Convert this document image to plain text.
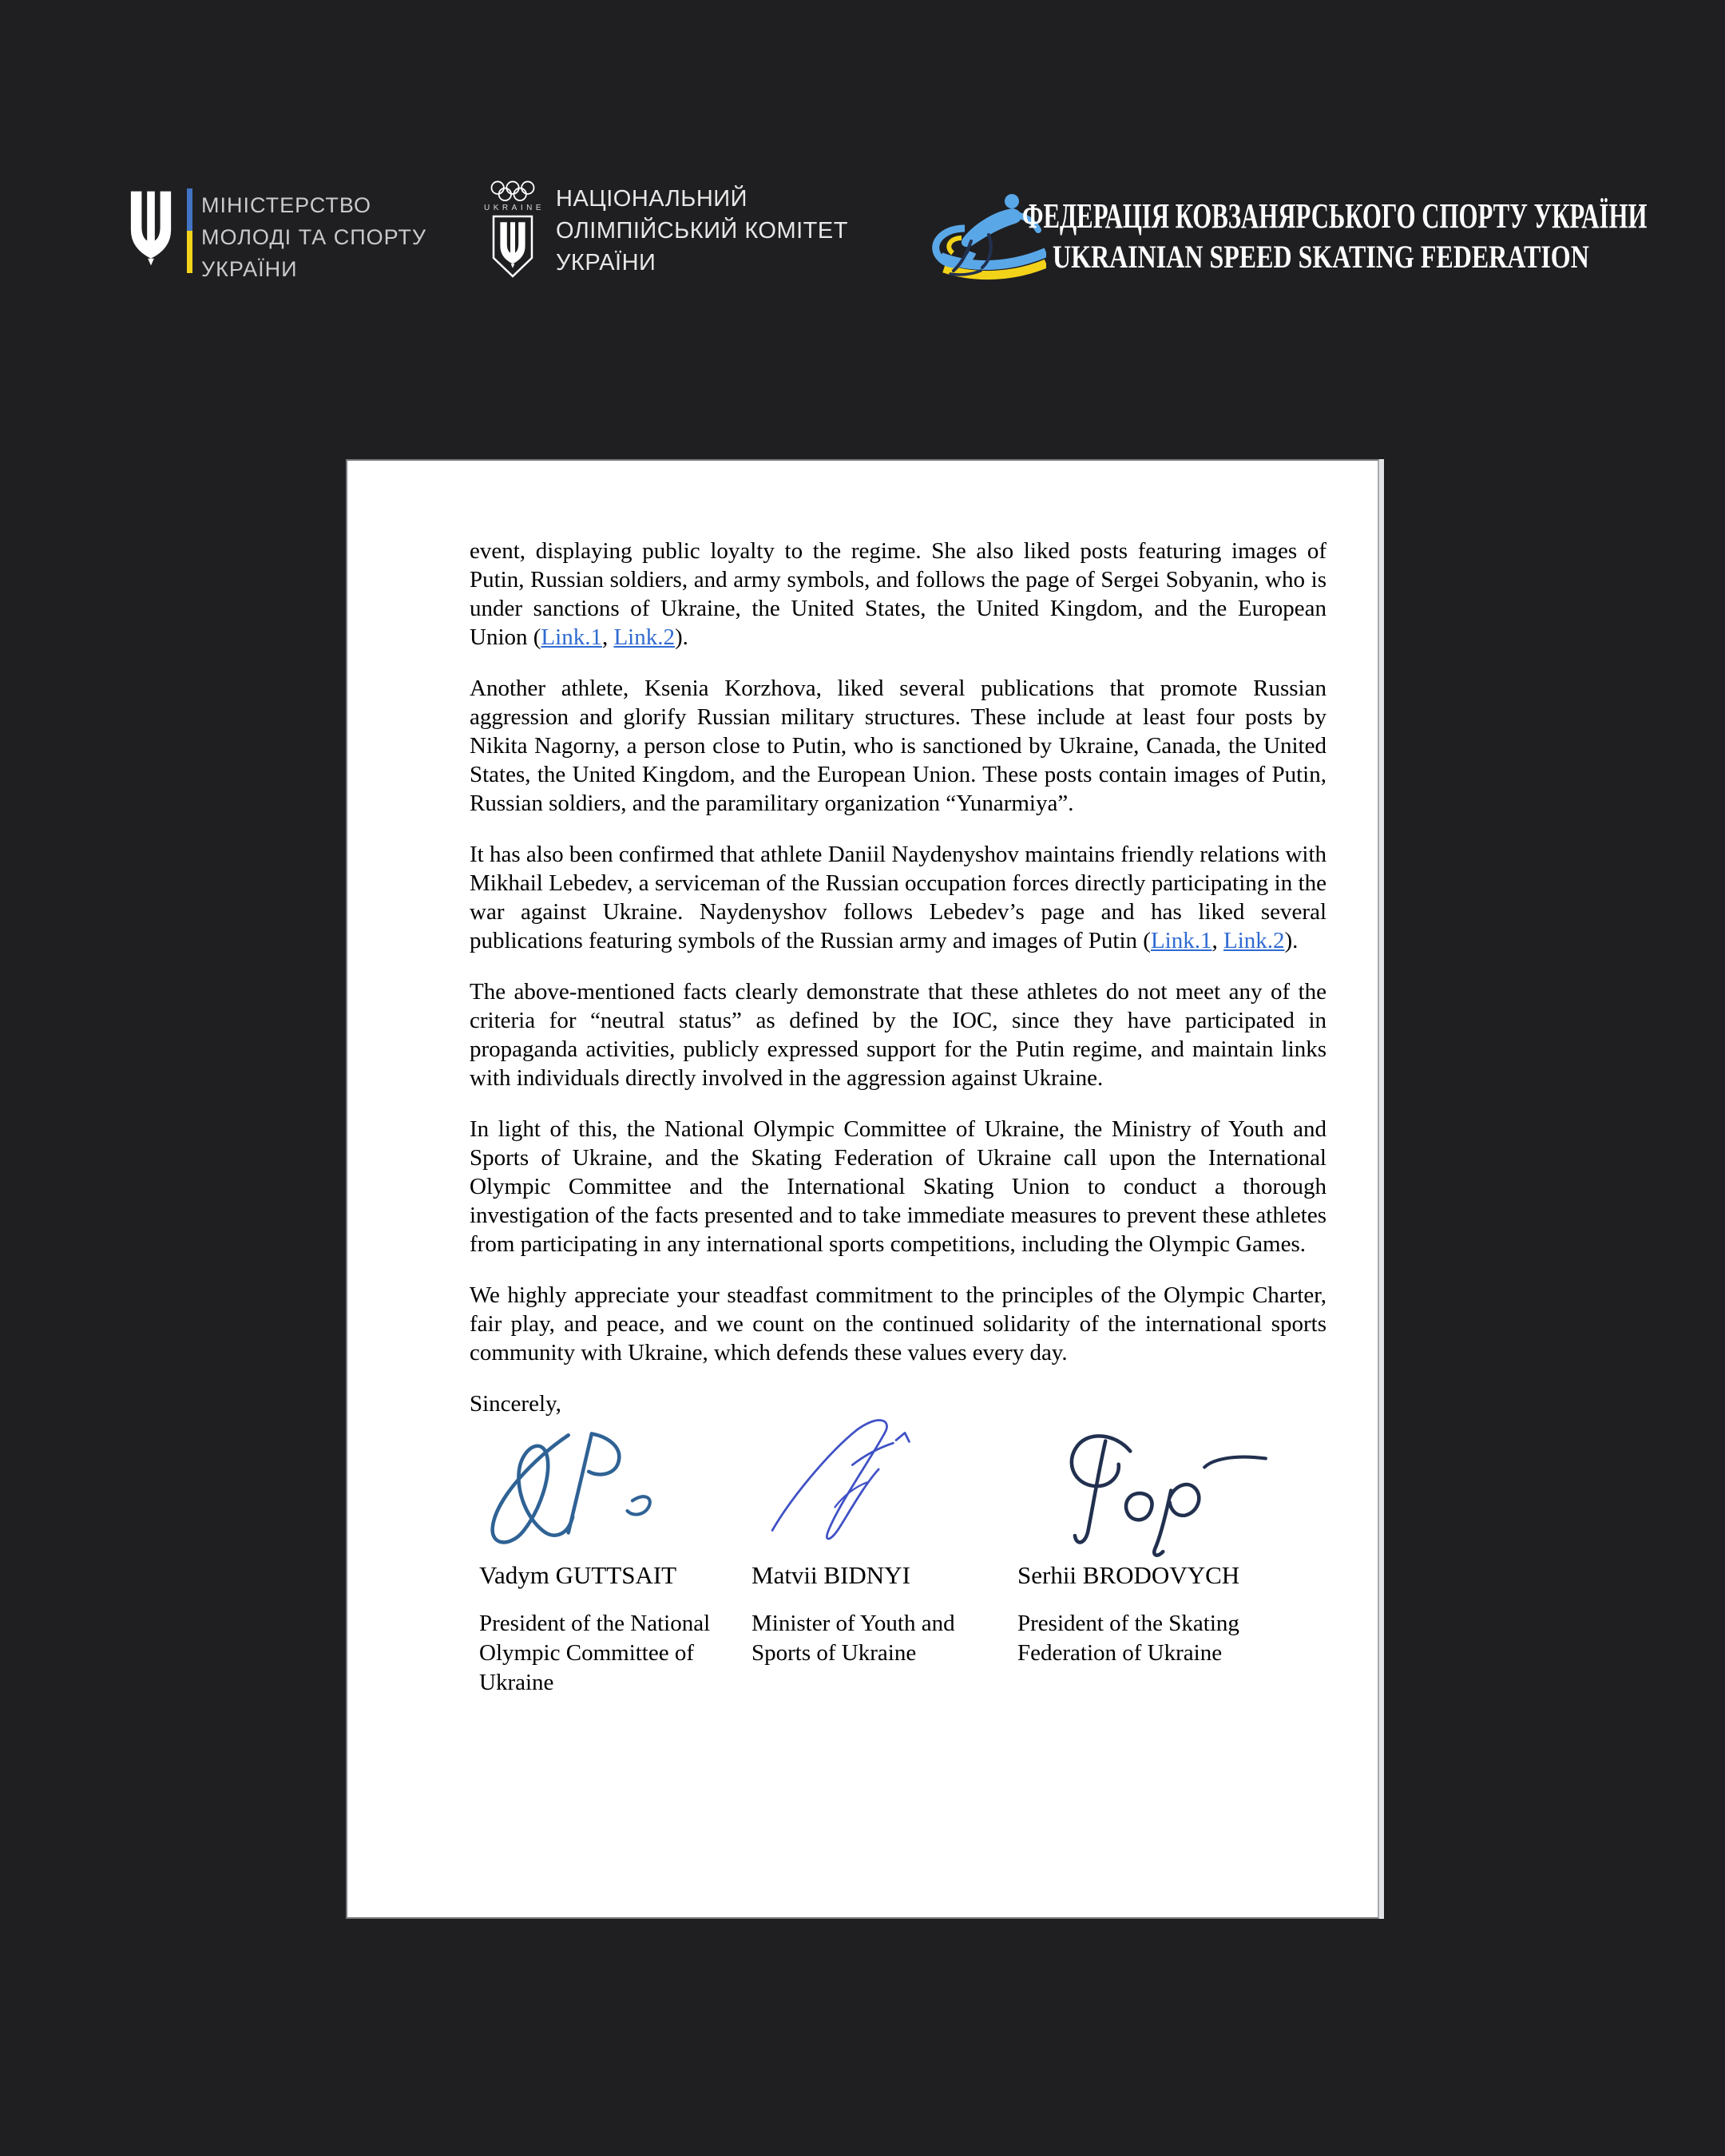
МІНІСТЕРСТВО
МОЛОДІ ТА СПОРТУ
УКРАЇНИ
UKRAINE НАЦІОНАЛЬНИЙ
ОЛІМПІЙСЬКИЙ КОМІТЕТ
УКРАЇНИ
ФЕДЕРАЦІЯ КОВЗАНЯРСЬКОГО СПОРТУ УКРАЇНИ
UKRAINIAN SPEED SKATING FEDERATION

event, displaying public loyalty to the regime. She also liked posts featuring images of Putin, Russian soldiers, and army symbols, and follows the page of Sergei Sobyanin, who is under sanctions of Ukraine, the United States, the United Kingdom, and the European Union (Link.1, Link.2).

Another athlete, Ksenia Korzhova, liked several publications that promote Russian aggression and glorify Russian military structures. These include at least four posts by Nikita Nagorny, a person close to Putin, who is sanctioned by Ukraine, Canada, the United States, the United Kingdom, and the European Union. These posts contain images of Putin, Russian soldiers, and the paramilitary organization “Yunarmiya”.

It has also been confirmed that athlete Daniil Naydenyshov maintains friendly relations with Mikhail Lebedev, a serviceman of the Russian occupation forces directly participating in the war against Ukraine. Naydenyshov follows Lebedev’s page and has liked several publications featuring symbols of the Russian army and images of Putin (Link.1, Link.2).

The above-mentioned facts clearly demonstrate that these athletes do not meet any of the criteria for “neutral status” as defined by the IOC, since they have participated in propaganda activities, publicly expressed support for the Putin regime, and maintain links with individuals directly involved in the aggression against Ukraine.

In light of this, the National Olympic Committee of Ukraine, the Ministry of Youth and Sports of Ukraine, and the Skating Federation of Ukraine call upon the International Olympic Committee and the International Skating Union to conduct a thorough investigation of the facts presented and to take immediate measures to prevent these athletes from participating in any international sports competitions, including the Olympic Games.

We highly appreciate your steadfast commitment to the principles of the Olympic Charter, fair play, and peace, and we count on the continued solidarity of the international sports community with Ukraine, which defends these values every day.

Sincerely,
Vadym GUTTSAIT
President of the National Olympic Committee of Ukraine
Matvii BIDNYI
Minister of Youth and Sports of Ukraine
Serhii BRODOVYCH
President of the Skating Federation of Ukraine
